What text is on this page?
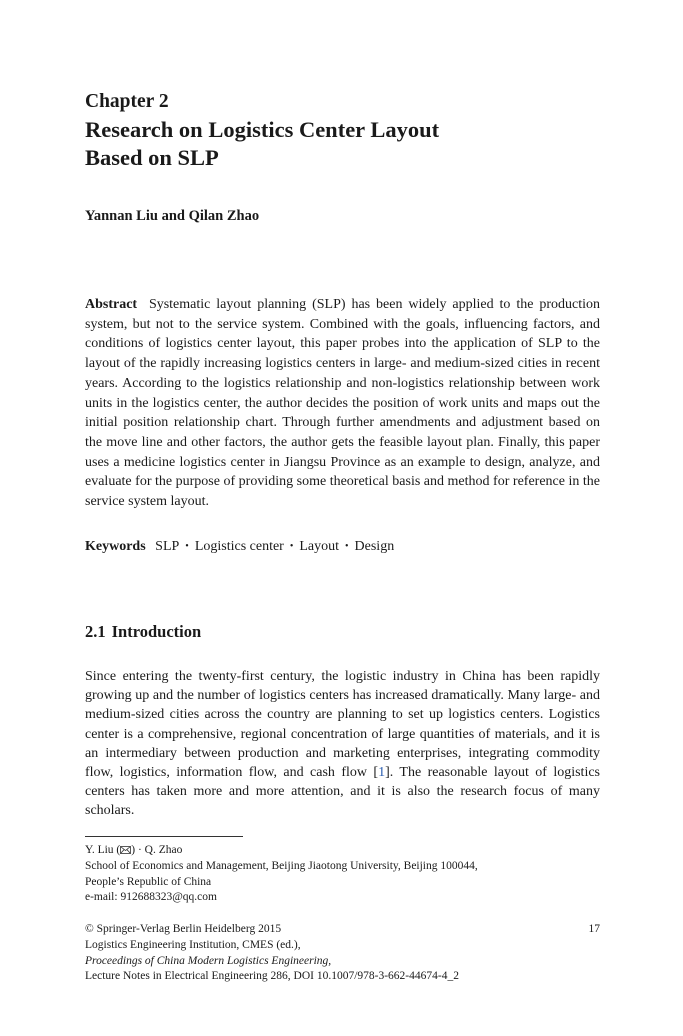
Chapter 2
Research on Logistics Center Layout
Based on SLP
Yannan Liu and Qilan Zhao
Abstract Systematic layout planning (SLP) has been widely applied to the production system, but not to the service system. Combined with the goals, influencing factors, and conditions of logistics center layout, this paper probes into the application of SLP to the layout of the rapidly increasing logistics centers in large- and medium-sized cities in recent years. According to the logistics relationship and non-logistics relationship between work units in the logistics center, the author decides the position of work units and maps out the initial position relationship chart. Through further amendments and adjustment based on the move line and other factors, the author gets the feasible layout plan. Finally, this paper uses a medicine logistics center in Jiangsu Province as an example to design, analyze, and evaluate for the purpose of providing some theoretical basis and method for reference in the service system layout.
Keywords SLP • Logistics center • Layout • Design
2.1 Introduction
Since entering the twenty-first century, the logistic industry in China has been rapidly growing up and the number of logistics centers has increased dramatically. Many large- and medium-sized cities across the country are planning to set up logistics centers. Logistics center is a comprehensive, regional concentration of large quantities of materials, and it is an intermediary between production and marketing enterprises, integrating commodity flow, logistics, information flow, and cash flow [1]. The reasonable layout of logistics centers has taken more and more attention, and it is also the research focus of many scholars.
Y. Liu ( ) · Q. Zhao
School of Economics and Management, Beijing Jiaotong University, Beijing 100044,
People’s Republic of China
e-mail: 912688323@qq.com
© Springer-Verlag Berlin Heidelberg 2015
Logistics Engineering Institution, CMES (ed.),
Proceedings of China Modern Logistics Engineering,
Lecture Notes in Electrical Engineering 286, DOI 10.1007/978-3-662-44674-4_2
17
